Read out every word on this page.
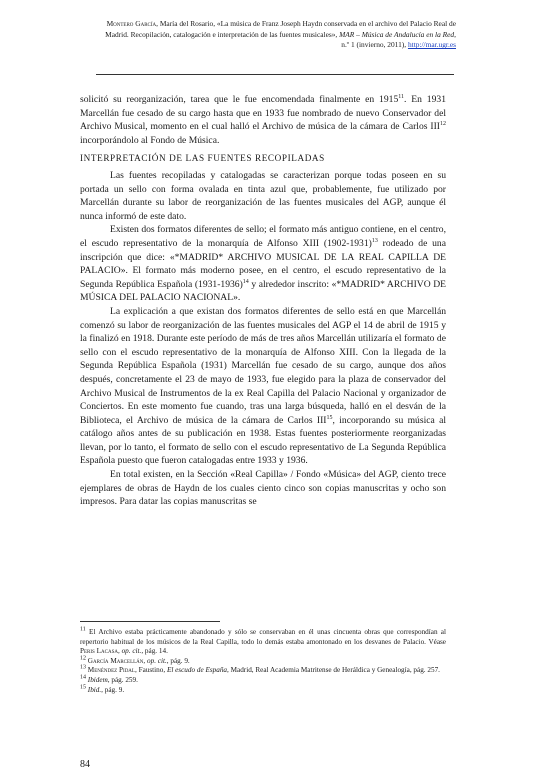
Montero García, María del Rosario, «La música de Franz Joseph Haydn conservada en el archivo del Palacio Real de Madrid. Recopilación, catalogación e interpretación de las fuentes musicales», MAR – Música de Andalucía en la Red, n.º 1 (invierno, 2011), http://mar.ugr.es

solicitó su reorganización, tarea que le fue encomendada finalmente en 1915$^{11}$. En 1931 Marcellán fue cesado de su cargo hasta que en 1933 fue nombrado de nuevo Conservador del Archivo Musical, momento en el cual halló el Archivo de música de la cámara de Carlos III$^{12}$ incorporándolo al Fondo de Música.

INTERPRETACIÓN DE LAS FUENTES RECOPILADAS

Las fuentes recopiladas y catalogadas se caracterizan porque todas poseen en su portada un sello con forma ovalada en tinta azul que, probablemente, fue utilizado por Marcellán durante su labor de reorganización de las fuentes musicales del AGP, aunque él nunca informó de este dato.

Existen dos formatos diferentes de sello; el formato más antiguo contiene, en el centro, el escudo representativo de la monarquía de Alfonso XIII (1902-1931)$^{13}$ rodeado de una inscripción que dice: «*MADRID* ARCHIVO MUSICAL DE LA REAL CAPILLA DE PALACIO». El formato más moderno posee, en el centro, el escudo representativo de la Segunda República Española (1931-1936)$^{14}$ y alrededor inscrito: «*MADRID* ARCHIVO DE MÚSICA DEL PALACIO NACIONAL».

La explicación a que existan dos formatos diferentes de sello está en que Marcellán comenzó su labor de reorganización de las fuentes musicales del AGP el 14 de abril de 1915 y la finalizó en 1918. Durante este período de más de tres años Marcellán utilizaría el formato de sello con el escudo representativo de la monarquía de Alfonso XIII. Con la llegada de la Segunda República Española (1931) Marcellán fue cesado de su cargo, aunque dos años después, concretamente el 23 de mayo de 1933, fue elegido para la plaza de conservador del Archivo Musical de Instrumentos de la ex Real Capilla del Palacio Nacional y organizador de Conciertos. En este momento fue cuando, tras una larga búsqueda, halló en el desván de la Biblioteca, el Archivo de música de la cámara de Carlos III$^{15}$, incorporando su música al catálogo años antes de su publicación en 1938. Estas fuentes posteriormente reorganizadas llevan, por lo tanto, el formato de sello con el escudo representativo de La Segunda República Española puesto que fueron catalogadas entre 1933 y 1936.

En total existen, en la Sección «Real Capilla» / Fondo «Música» del AGP, ciento trece ejemplares de obras de Haydn de los cuales ciento cinco son copias manuscritas y ocho son impresos. Para datar las copias manuscritas se

$^{11}$ El Archivo estaba prácticamente abandonado y sólo se conservaban en él unas cincuenta obras que correspondían al repertorio habitual de los músicos de la Real Capilla, todo lo demás estaba amontonado en los desvanes de Palacio. Véase Peris Lacasa, op. cit., pág. 14.

$^{12}$ García Marcellán, op. cit., pág. 9.

$^{13}$ Menéndez Pidal, Faustino, El escudo de España, Madrid, Real Academia Matritense de Heráldica y Genealogía, pág. 257.

$^{14}$ Ibidem, pág. 259.

$^{15}$ Ibid., pág. 9.

84
